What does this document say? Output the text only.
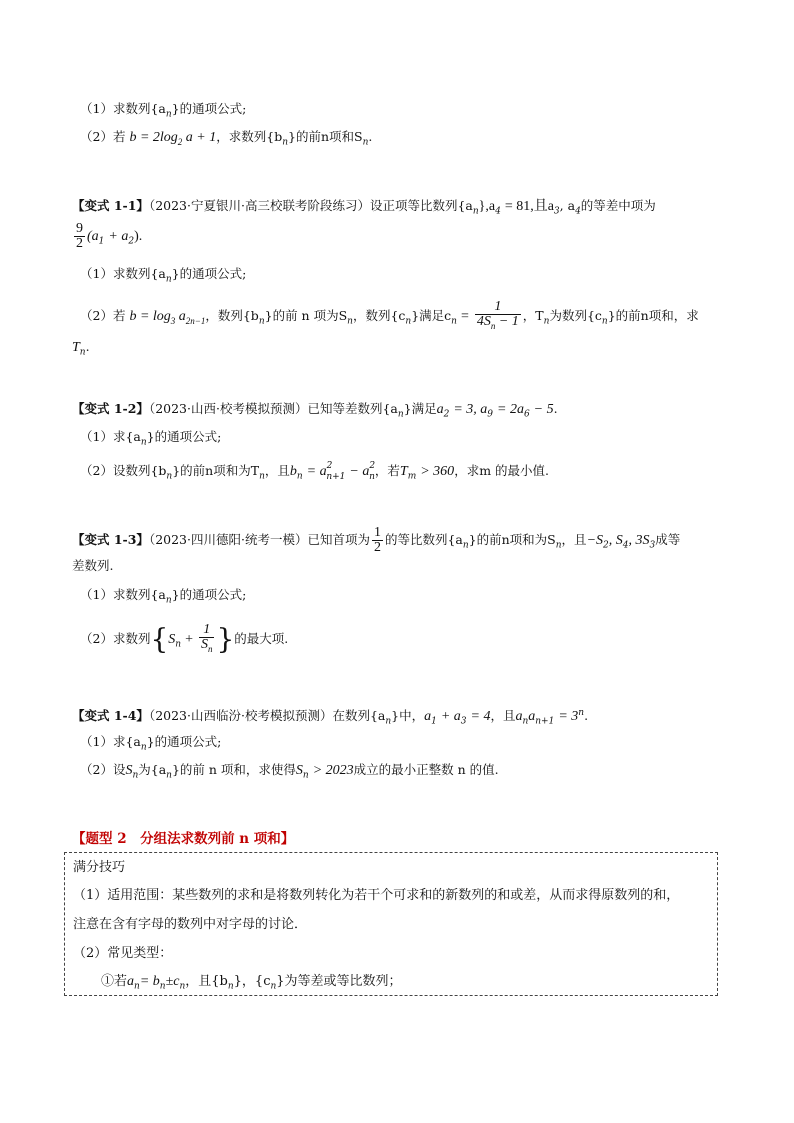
（1）求数列$\{a_n\}$的通项公式;
（2）若 $b = 2\log_2$ a + 1，求数列$\{b_n\}$的前n项和$S_n$.
【变式 1-1】（2023·宁夏银川·高三校联考阶段练习）设正项等比数列$\{a_n\},a_4 = 81$,且$a_3$, $a_4$的等差中项为
$\frac{9}{2} (a_1 + a_2)$.
（1）求数列$\{a_n\}$的通项公式;
（2）若 $b = \log_3 a_{2n-1}$，数列$\{b_n\}$的前 n 项为$S_n$，数列$\{c_n\}$满足$c_n = \frac{1}{4S_n - 1}$ ，$T_n$为数列$\{c_n\}$的前n项和，求
$T_n$.
【变式 1-2】（2023·山西·校考模拟预测）已知等差数列$\{a_n\}$满足$a_2 = 3$, $a_9 = 2a_6 - 5$.
（1）求$\{a_n\}$的通项公式;
（2）设数列$\{b_n\}$的前n项和为$T_n$，且$b_n = a^2_{n+1} - a^2_n$，若$T_m > 360$，求m 的最小值.
【变式 1-3】（2023·四川德阳·统考一模）已知首项为 $\frac{1}{2}$ 的等比数列$\{a_n\}$的前n项和为$S_n$，且$-S_2$, $S_4$, $3S_3$成等
差数列.
（1）求数列$\{a_n\}$的通项公式;
（2）求数列{$S_n + \frac{1}{S_n}$ }的最大项.
【变式 1-4】（2023·山西临汾·校考模拟预测）在数列$\{a_n\}$中，$a_1 + a_3 = 4$，且$a_na_{n+1} = 3^n$.
（1）求$\{a_n\}$的通项公式;
（2）设$S_n$为$\{a_n\}$的前 n 项和，求使得$S_n > 2023$成立的最小正整数 n 的值.
【题型 2　分组法求数列前 n 项和】
满分技巧
（1）适用范围：某些数列的求和是将数列转化为若干个可求和的新数列的和或差，从而求得原数列的和，
注意在含有字母的数列中对字母的讨论．
（2）常见类型：
①若$a_n= b_n\pm c_n$，且$\{b_n\}$，$\{c_n\}$为等差或等比数列；
